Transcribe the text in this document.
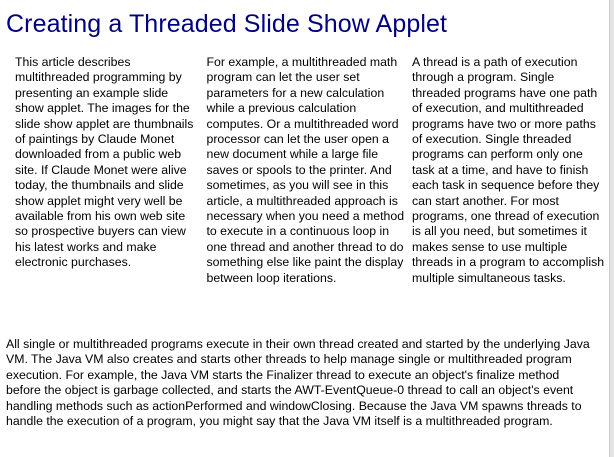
Creating a Threaded Slide Show Applet

This article describes multithreaded programming by presenting an example slide show applet. The images for the slide show applet are thumbnails of paintings by Claude Monet downloaded from a public web site. If Claude Monet were alive today, the thumbnails and slide show applet might very well be available from his own web site so prospective buyers can view his latest works and make electronic purchases.

For example, a multithreaded math program can let the user set parameters for a new calculation while a previous calculation computes. Or a multithreaded word processor can let the user open a new document while a large file saves or spools to the printer. And sometimes, as you will see in this article, a multithreaded approach is necessary when you need a method to execute in a continuous loop in one thread and another thread to do something else like paint the display between loop iterations.

A thread is a path of execution through a program. Single threaded programs have one path of execution, and multithreaded programs have two or more paths of execution. Single threaded programs can perform only one task at a time, and have to finish each task in sequence before they can start another. For most programs, one thread of execution is all you need, but sometimes it makes sense to use multiple threads in a program to accomplish multiple simultaneous tasks.

All single or multithreaded programs execute in their own thread created and started by the underlying Java VM. The Java VM also creates and starts other threads to help manage single or multithreaded program execution. For example, the Java VM starts the Finalizer thread to execute an object's finalize method before the object is garbage collected, and starts the AWT-EventQueue-0 thread to call an object's event handling methods such as actionPerformed and windowClosing. Because the Java VM spawns threads to handle the execution of a program, you might say that the Java VM itself is a multithreaded program.
